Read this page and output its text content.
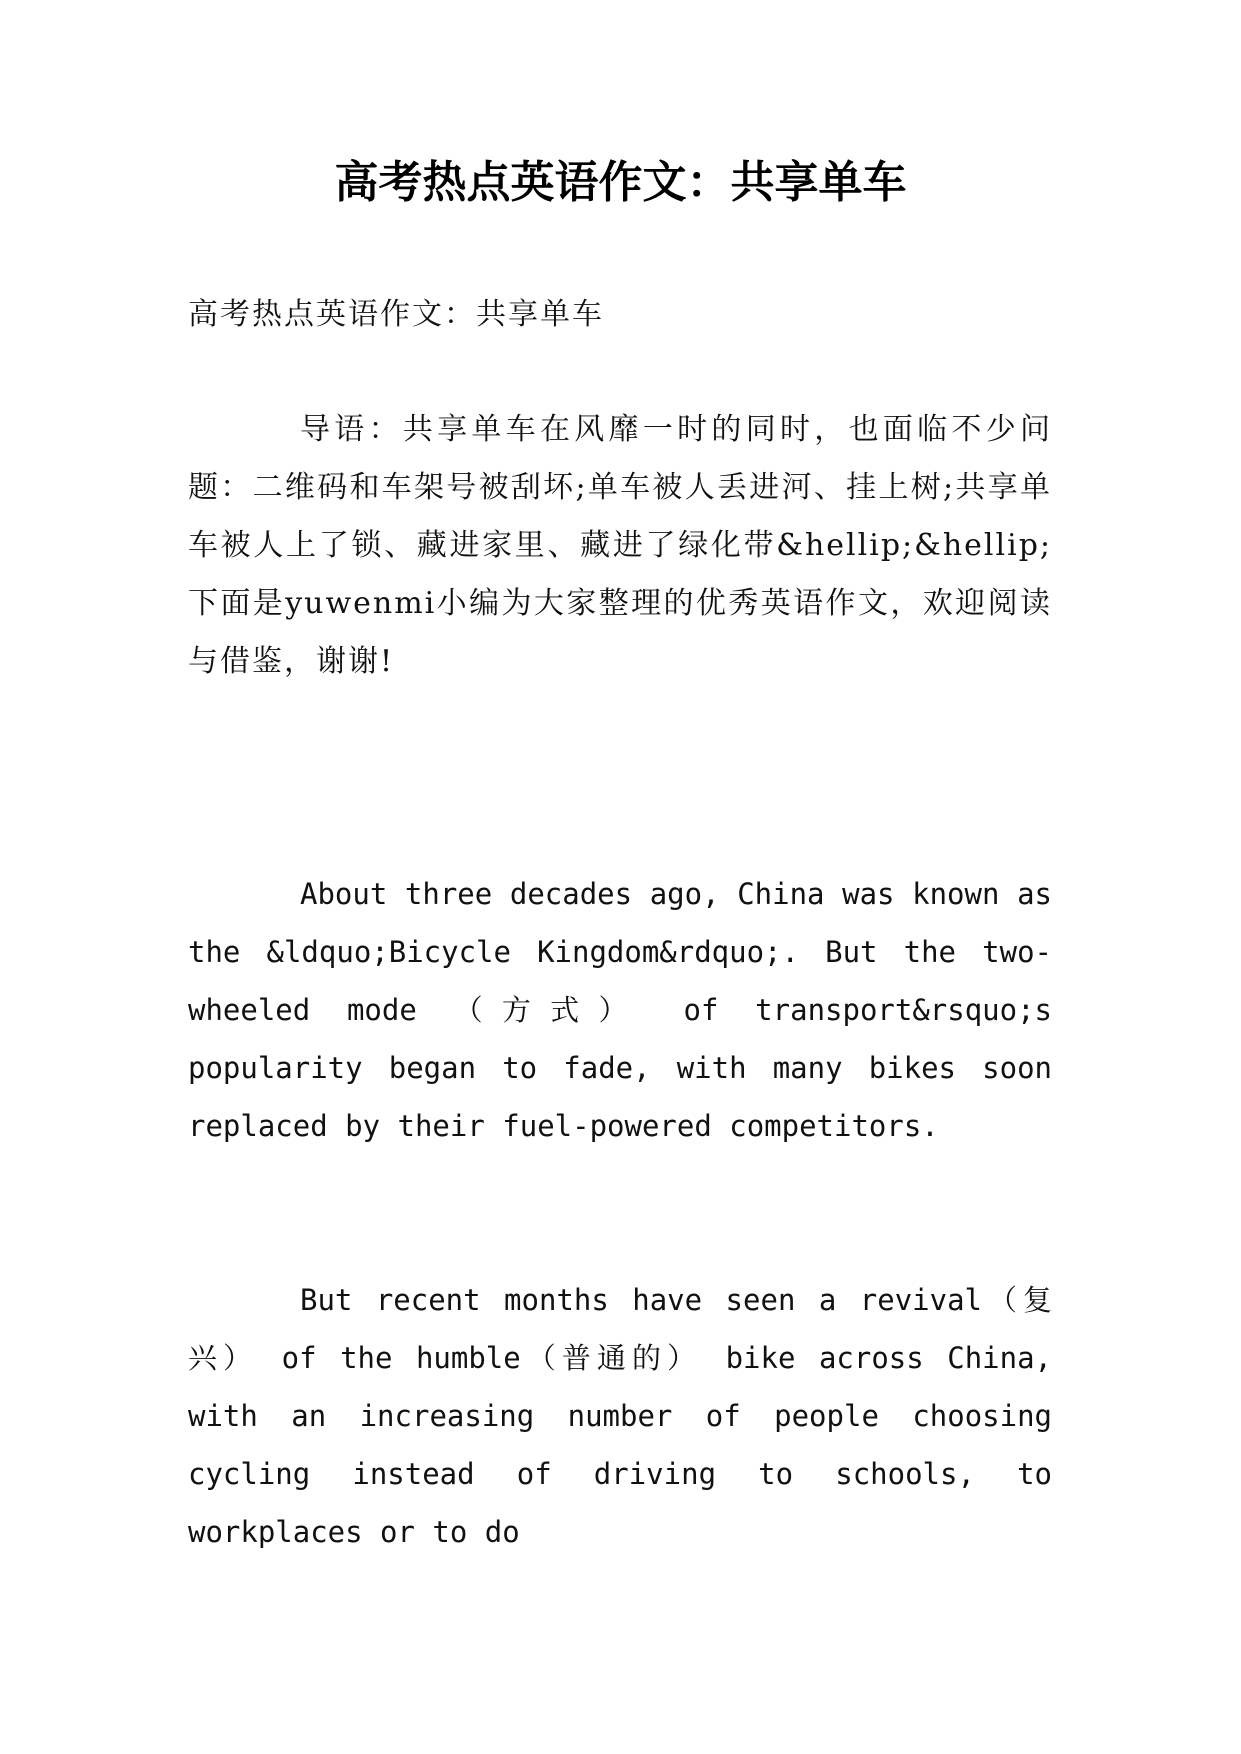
高考热点英语作文：共享单车
高考热点英语作文：共享单车
导语：共享单车在风靡一时的同时，也面临不少问题：二维码和车架号被刮坏;单车被人丢进河、挂上树;共享单车被人上了锁、藏进家里、藏进了绿化带&hellip;&hellip;下面是yuwenmi小编为大家整理的优秀英语作文，欢迎阅读与借鉴，谢谢!
About three decades ago, China was known as the &ldquo;Bicycle Kingdom&rdquo;. But the two-wheeled mode （方式） of transport&rsquo;s popularity began to fade, with many bikes soon replaced by their fuel-powered competitors.
But recent months have seen a revival（复兴） of the humble（普通的） bike across China, with an increasing number of people choosing cycling instead of driving to schools, to workplaces or to do
